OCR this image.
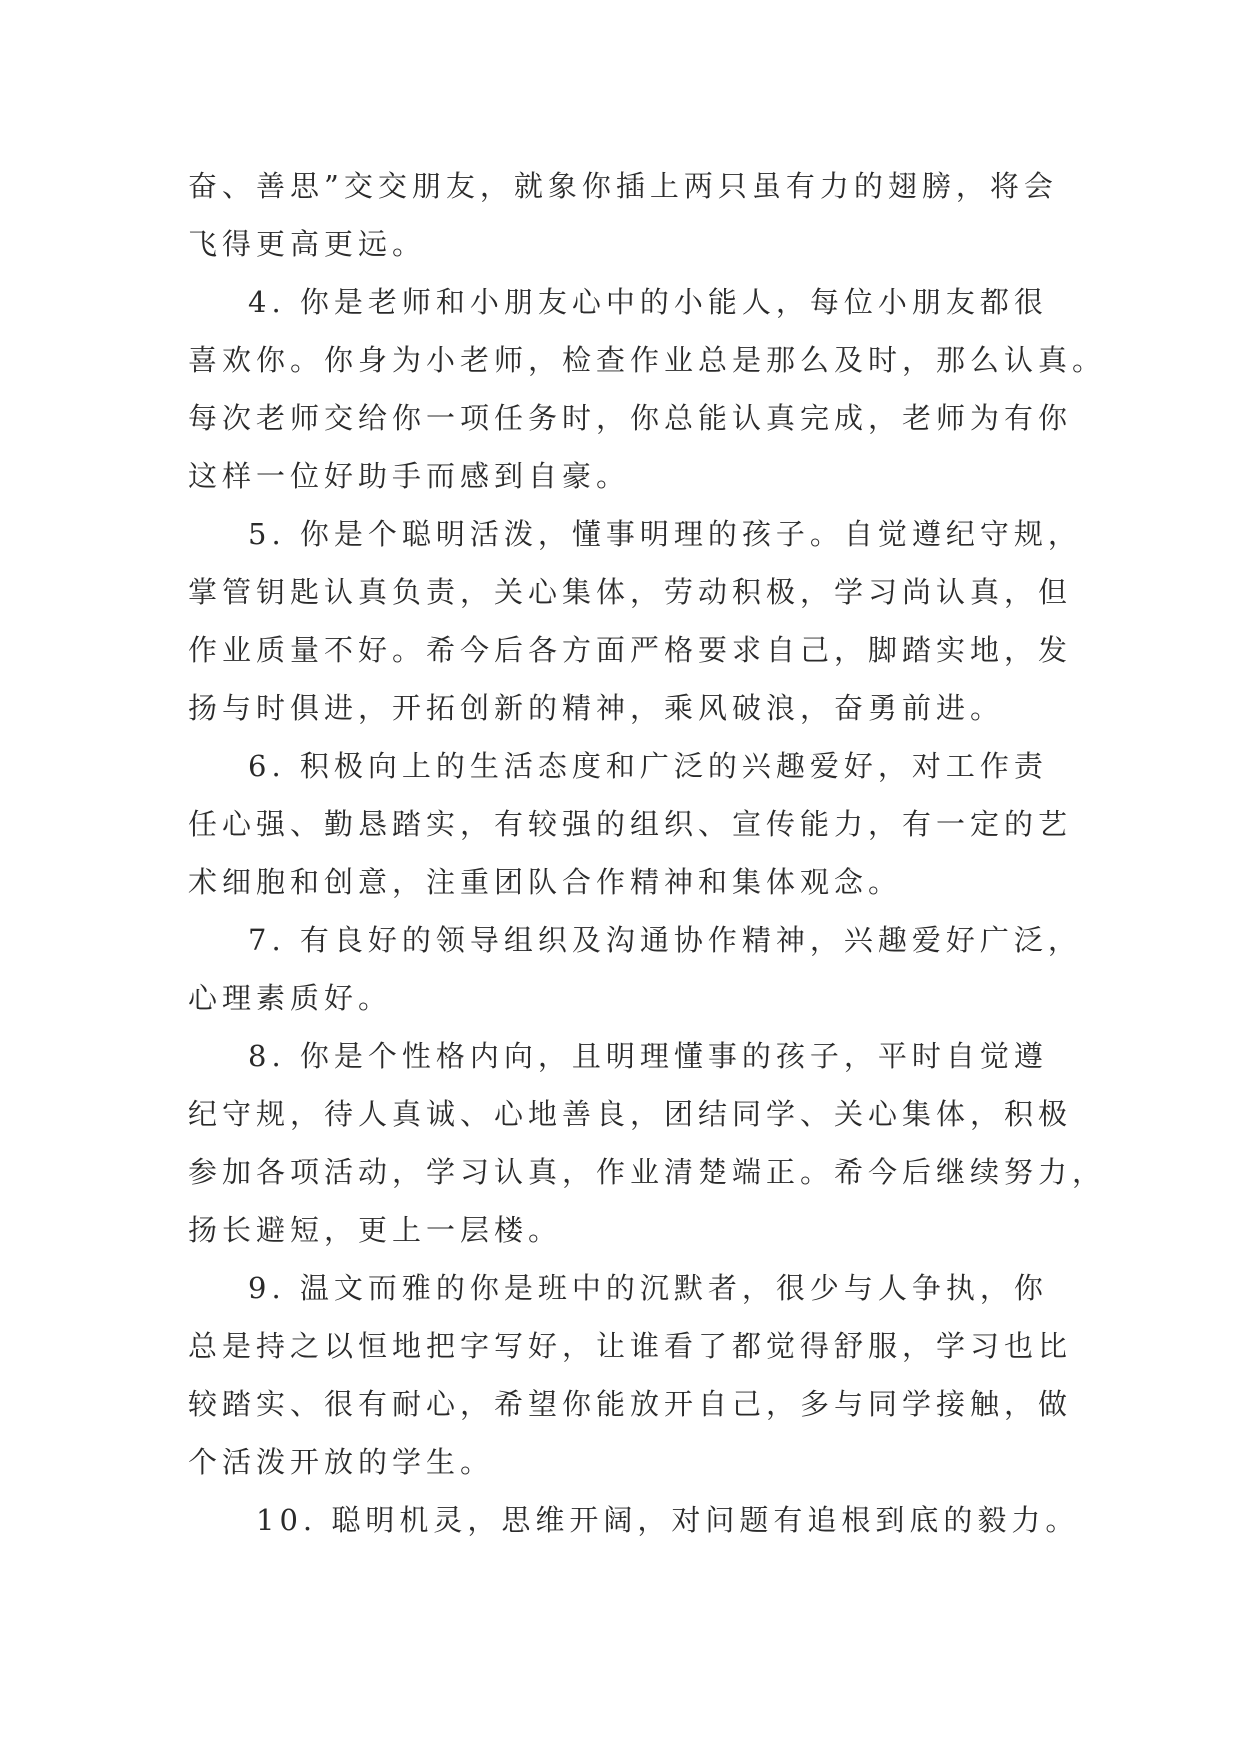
奋、善思”交交朋友，就象你插上两只虽有力的翅膀，将会
飞得更高更远。
4. 你是老师和小朋友心中的小能人，每位小朋友都很
喜欢你。你身为小老师，检查作业总是那么及时，那么认真。
每次老师交给你一项任务时，你总能认真完成，老师为有你
这样一位好助手而感到自豪。
5. 你是个聪明活泼，懂事明理的孩子。自觉遵纪守规，
掌管钥匙认真负责，关心集体，劳动积极，学习尚认真，但
作业质量不好。希今后各方面严格要求自己，脚踏实地，发
扬与时俱进，开拓创新的精神，乘风破浪，奋勇前进。
6. 积极向上的生活态度和广泛的兴趣爱好，对工作责
任心强、勤恳踏实，有较强的组织、宣传能力，有一定的艺
术细胞和创意，注重团队合作精神和集体观念。
7. 有良好的领导组织及沟通协作精神，兴趣爱好广泛，
心理素质好。
8. 你是个性格内向，且明理懂事的孩子，平时自觉遵
纪守规，待人真诚、心地善良，团结同学、关心集体，积极
参加各项活动，学习认真，作业清楚端正。希今后继续努力，
扬长避短，更上一层楼。
9. 温文而雅的你是班中的沉默者，很少与人争执，你
总是持之以恒地把字写好，让谁看了都觉得舒服，学习也比
较踏实、很有耐心，希望你能放开自己，多与同学接触，做
个活泼开放的学生。
10. 聪明机灵，思维开阔，对问题有追根到底的毅力。
